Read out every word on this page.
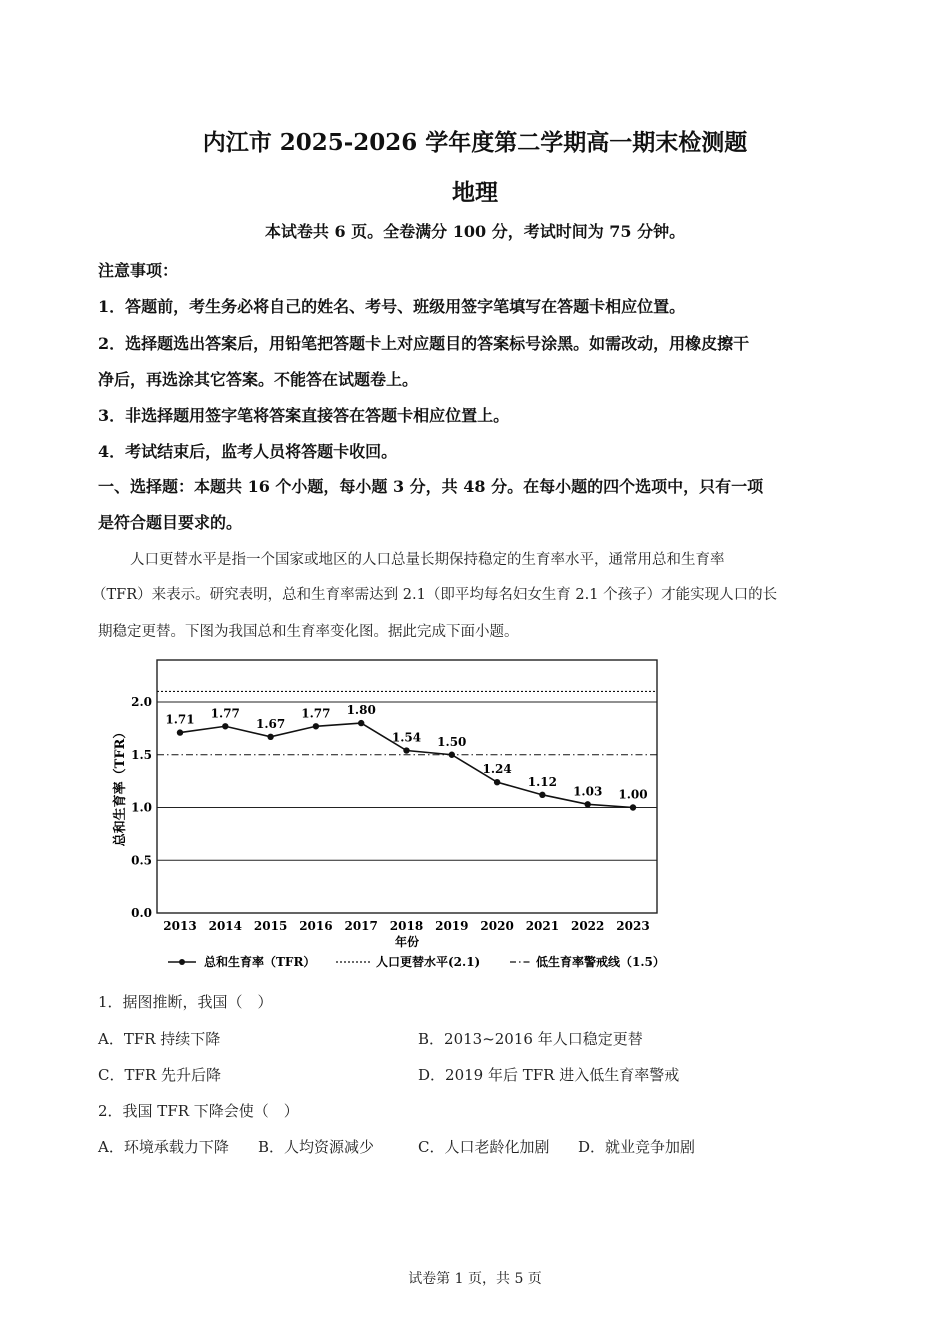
内江市 2025-2026 学年度第二学期高一期末检测题
地理
本试卷共 6 页。全卷满分 100 分，考试时间为 75 分钟。
注意事项：
1．答题前，考生务必将自己的姓名、考号、班级用签字笔填写在答题卡相应位置。
2．选择题选出答案后，用铅笔把答题卡上对应题目的答案标号涂黑。如需改动，用橡皮擦干
净后，再选涂其它答案。不能答在试题卷上。
3．非选择题用签字笔将答案直接答在答题卡相应位置上。
4．考试结束后，监考人员将答题卡收回。
一、选择题：本题共 16 个小题，每小题 3 分，共 48 分。在每小题的四个选项中，只有一项
是符合题目要求的。
人口更替水平是指一个国家或地区的人口总量长期保持稳定的生育率水平，通常用总和生育率
（TFR）来表示。研究表明，总和生育率需达到 2.1（即平均每名妇女生育 2.1 个孩子）才能实现人口的长
期稳定更替。下图为我国总和生育率变化图。据此完成下面小题。
0.0
0.5
1.0
1.5
2.0
2013 2014 2015 2016 2017 2018 2019 2020 2021 2022 2023
1.71 1.77
1.67
1.77 1.80
1.54 1.50
1.24
1.12
1.03 1.00
总和生育率（TFR）
年份
总和生育率（TFR）	人口更替水平(2.1)	低生育率警戒线（1.5）
1．据图推断，我国（　）
A．TFR 持续下降	B．2013~2016 年人口稳定更替
C．TFR 先升后降	D．2019 年后 TFR 进入低生育率警戒
2．我国 TFR 下降会使（　）
A．环境承载力下降 B．人均资源减少	C．人口老龄化加剧 D．就业竞争加剧
试卷第 1 页，共 5 页
